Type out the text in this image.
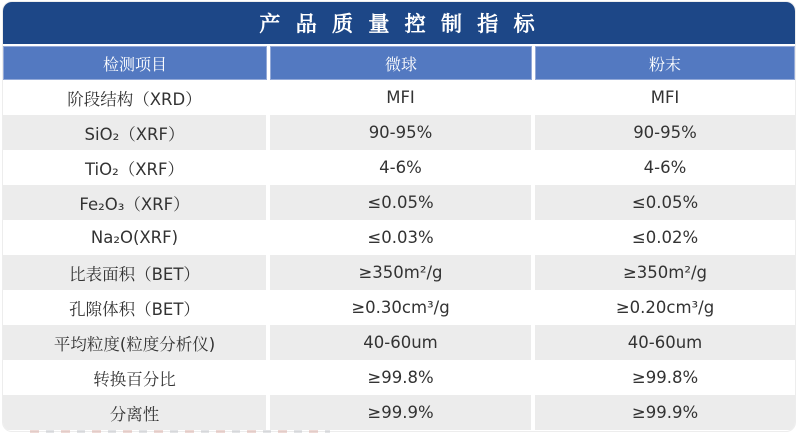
产 品 质 量 控 制 指 标
检测项目	微球	粉末
阶段结构（XRD）	MFI	MFI
SiO₂（XRF）	90-95%	90-95%
TiO₂（XRF）	4-6%	4-6%
Fe₂O₃（XRF）	≤0.05%	≤0.05%
Na₂O(XRF)	≤0.03%	≤0.02%
比表面积（BET）	≥350m²/g	≥350m²/g
孔隙体积（BET）	≥0.30cm³/g	≥0.20cm³/g
平均粒度(粒度分析仪)	40-60um	40-60um
转换百分比	≥99.8%	≥99.8%
分离性	≥99.9%	≥99.9%
